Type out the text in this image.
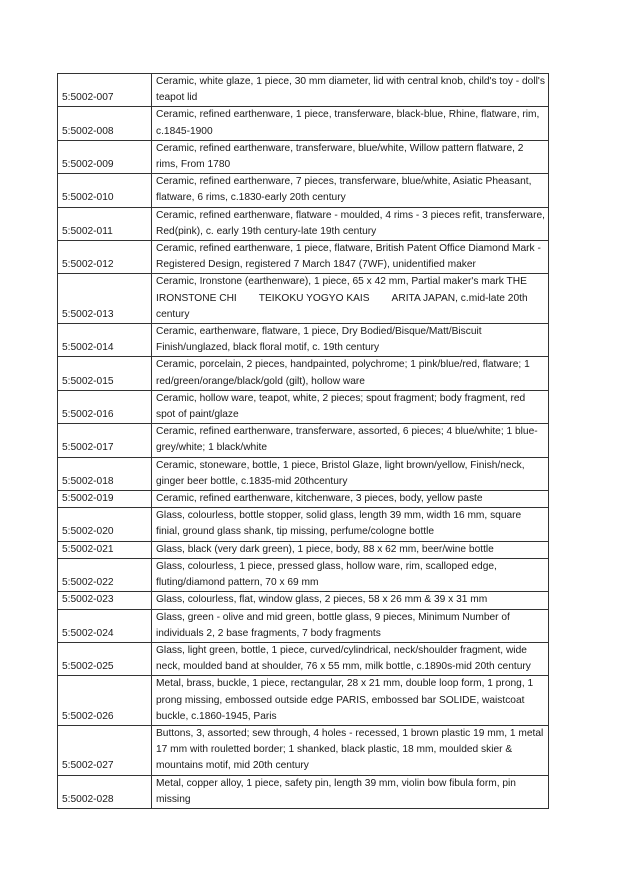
5:5002-007	Ceramic, white glaze, 1 piece, 30 mm diameter, lid with central knob, child's toy - doll's teapot lid
5:5002-008	Ceramic, refined earthenware, 1 piece, transferware, black-blue, Rhine, flatware, rim, c.1845-1900
5:5002-009	Ceramic, refined earthenware, transferware, blue/white, Willow pattern flatware, 2 rims, From 1780
5:5002-010	Ceramic, refined earthenware, 7 pieces, transferware, blue/white, Asiatic Pheasant, flatware, 6 rims, c.1830-early 20th century
5:5002-011	Ceramic, refined earthenware, flatware - moulded, 4 rims - 3 pieces refit, transferware, Red(pink), c. early 19th century-late 19th century
5:5002-012	Ceramic, refined earthenware, 1 piece, flatware, British Patent Office Diamond Mark - Registered Design, registered 7 March 1847 (7WF), unidentified maker
5:5002-013	Ceramic, Ironstone (earthenware), 1 piece, 65 x 42 mm, Partial maker's mark THE IRONSTONE CHI TEIKOKU YOGYO KAIS ARITA JAPAN, c.mid-late 20th century
5:5002-014	Ceramic, earthenware, flatware, 1 piece, Dry Bodied/Bisque/Matt/Biscuit Finish/unglazed, black floral motif, c. 19th century
5:5002-015	Ceramic, porcelain, 2 pieces, handpainted, polychrome; 1 pink/blue/red, flatware; 1 red/green/orange/black/gold (gilt), hollow ware
5:5002-016	Ceramic, hollow ware, teapot, white, 2 pieces; spout fragment; body fragment, red spot of paint/glaze
5:5002-017	Ceramic, refined earthenware, transferware, assorted, 6 pieces; 4 blue/white; 1 blue-grey/white; 1 black/white
5:5002-018	Ceramic, stoneware, bottle, 1 piece, Bristol Glaze, light brown/yellow, Finish/neck, ginger beer bottle, c.1835-mid 20thcentury
5:5002-019	Ceramic, refined earthenware, kitchenware, 3 pieces, body, yellow paste
5:5002-020	Glass, colourless, bottle stopper, solid glass, length 39 mm, width 16 mm, square finial, ground glass shank, tip missing, perfume/cologne bottle
5:5002-021	Glass, black (very dark green), 1 piece, body, 88 x 62 mm, beer/wine bottle
5:5002-022	Glass, colourless, 1 piece, pressed glass, hollow ware, rim, scalloped edge, fluting/diamond pattern, 70 x 69 mm
5:5002-023	Glass, colourless, flat, window glass, 2 pieces, 58 x 26 mm & 39 x 31 mm
5:5002-024	Glass, green - olive and mid green, bottle glass, 9 pieces, Minimum Number of individuals 2, 2 base fragments, 7 body fragments
5:5002-025	Glass, light green, bottle, 1 piece, curved/cylindrical, neck/shoulder fragment, wide neck, moulded band at shoulder, 76 x 55 mm, milk bottle, c.1890s-mid 20th century
5:5002-026	Metal, brass, buckle, 1 piece, rectangular, 28 x 21 mm, double loop form, 1 prong, 1 prong missing, embossed outside edge PARIS, embossed bar SOLIDE, waistcoat buckle, c.1860-1945, Paris
5:5002-027	Buttons, 3, assorted; sew through, 4 holes - recessed, 1 brown plastic 19 mm, 1 metal 17 mm with rouletted border; 1 shanked, black plastic, 18 mm, moulded skier & mountains motif, mid 20th century
5:5002-028	Metal, copper alloy, 1 piece, safety pin, length 39 mm, violin bow fibula form, pin missing
